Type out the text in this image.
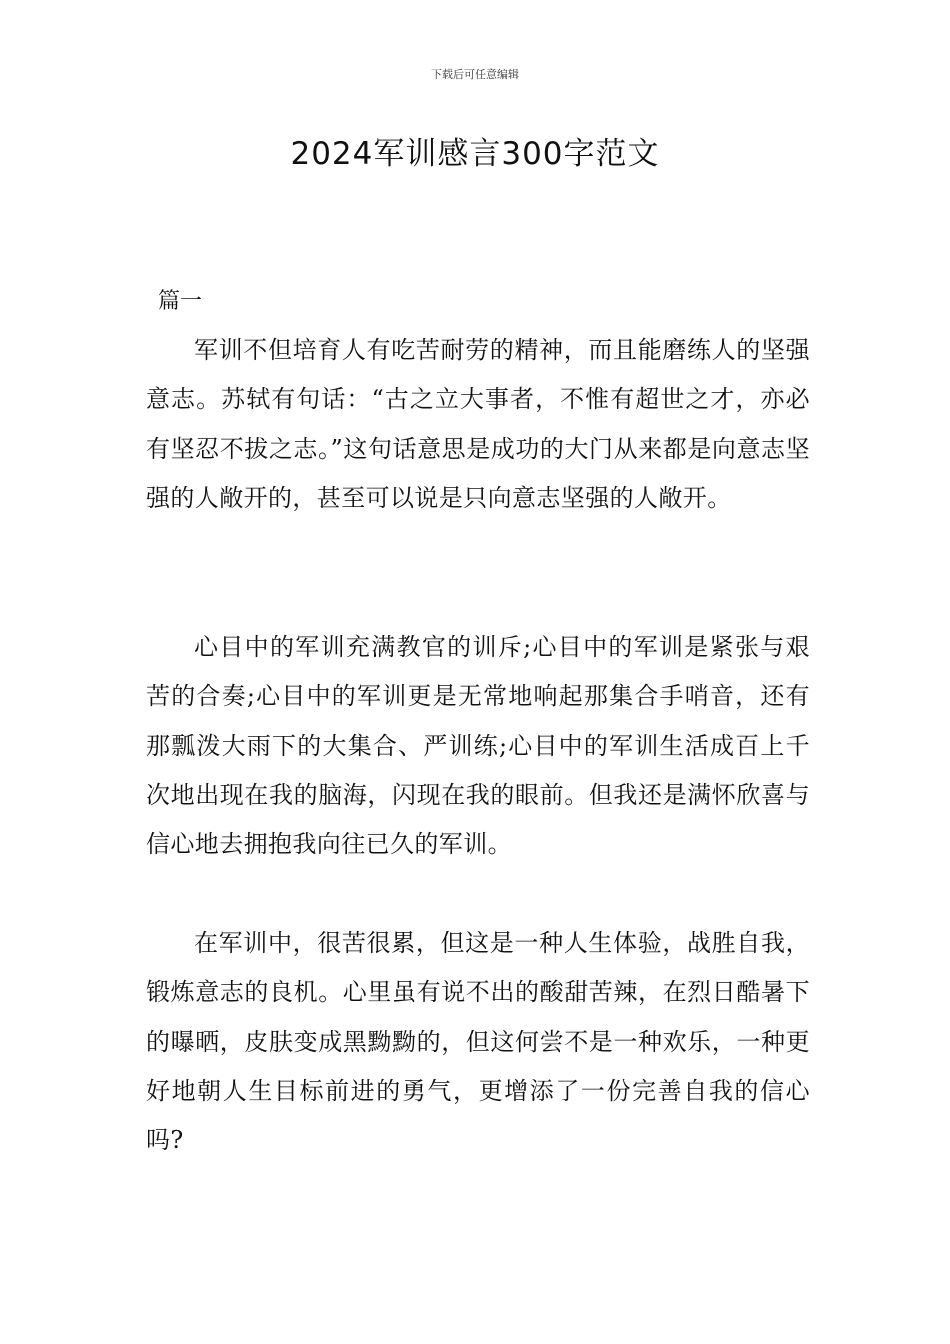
下载后可任意编辑
2024军训感言300字范文
篇一

军训不但培育人有吃苦耐劳的精神，而且能磨练人的坚强意志。苏轼有句话：“古之立大事者，不惟有超世之才，亦必有坚忍不拔之志。”这句话意思是成功的大门从来都是向意志坚强的人敞开的，甚至可以说是只向意志坚强的人敞开。

心目中的军训充满教官的训斥;心目中的军训是紧张与艰苦的合奏;心目中的军训更是无常地响起那集合手哨音，还有那瓢泼大雨下的大集合、严训练;心目中的军训生活成百上千次地出现在我的脑海，闪现在我的眼前。但我还是满怀欣喜与信心地去拥抱我向往已久的军训。

在军训中，很苦很累，但这是一种人生体验，战胜自我，锻炼意志的良机。心里虽有说不出的酸甜苦辣，在烈日酷暑下的曝晒，皮肤变成黑黝黝的，但这何尝不是一种欢乐，一种更好地朝人生目标前进的勇气，更增添了一份完善自我的信心吗?
